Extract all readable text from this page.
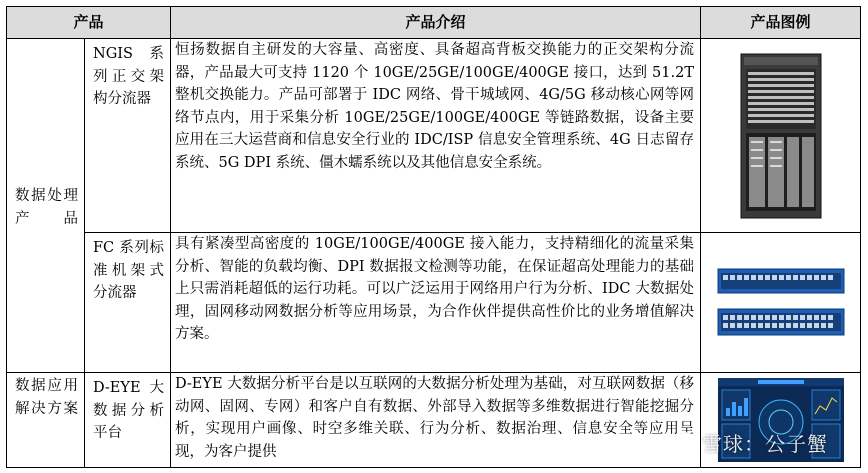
产品		产品介绍	产品图例
数据处理产品	NGIS 系列正交架构分流器	恒扬数据自主研发的大容量、高密度、具备超高背板交换能力的正交架构分流器，产品最大可支持 1120 个 10GE/25GE/100GE/400GE 接口，达到 51.2T 整机交换能力。产品可部署于 IDC 网络、骨干城域网、4G/5G 移动核心网等网络节点内，用于采集分析 10GE/25GE/100GE/400GE 等链路数据，设备主要应用在三大运营商和信息安全行业的 IDC/ISP 信息安全管理系统、4G 日志留存系统、5G DPI 系统、僵木蠕系统以及其他信息安全系统。	

	FC 系列标准机架式分流器	具有紧凑型高密度的 10GE/100GE/400GE 接入能力，支持精细化的流量采集分析、智能的负载均衡、DPI 数据报文检测等功能，在保证超高处理能力的基础上只需消耗超低的运行功耗。可以广泛运用于网络用户行为分析、IDC 大数据处理，固网移动网数据分析等应用场景，为合作伙伴提供高性价比的业务增值解决方案。	

数据应用解决方案	D-EYE 大数据分析平台	D-EYE 大数据分析平台是以互联网的大数据分析处理为基础，对互联网数据（移动网、固网、专网）和客户自有数据、外部导入数据等多维数据进行智能挖掘分析，实现用户画像、时空多维关联、行为分析、数据治理、信息安全等应用呈现，为客户提供
		雪球：公子蟹
